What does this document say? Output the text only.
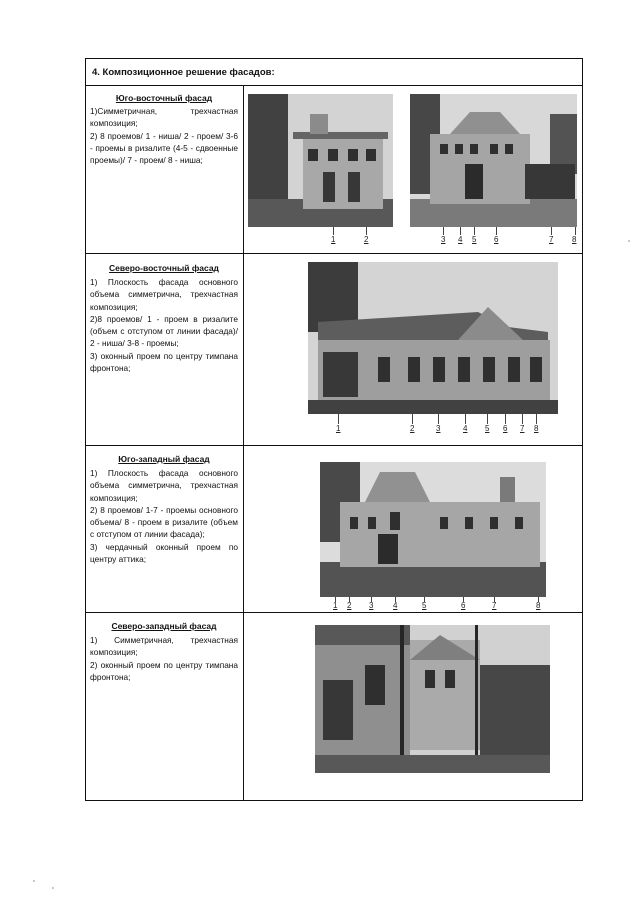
4. Композиционное решение фасадов:
Юго-восточный фасад
1)Симметричная, трехчастная композиция;
2) 8 проемов/ 1 - ниша/ 2 - проем/ 3-6 - проемы в ризалите (4-5 - сдвоенные проемы)/ 7 - проем/ 8 - ниша;
Северо-восточный фасад
1) Плоскость фасада основного объема симметрична, трехчастная композиция;
2)8 проемов/ 1 - проем в ризалите (объем с отступом от линии фасада)/ 2 - ниша/ 3-8 - проемы;
3) оконный проем по центру тимпана фронтона;
Юго-западный фасад
1) Плоскость фасада основного объема симметрична, трехчастная композиция;
2) 8 проемов/ 1-7 - проемы основного объема/ 8 - проем в ризалите (объем с отступом от линии фасада);
3) чердачный оконный проем по центру аттика;
Северо-западный фасад
1) Симметричная, трехчастная композиция;
2) оконный проем по центру тимпана фронтона;
1	2	3 4 5 6	7 8
1	2	3	4 5 6 7 8
1 2 3 4	5	6	7	8
